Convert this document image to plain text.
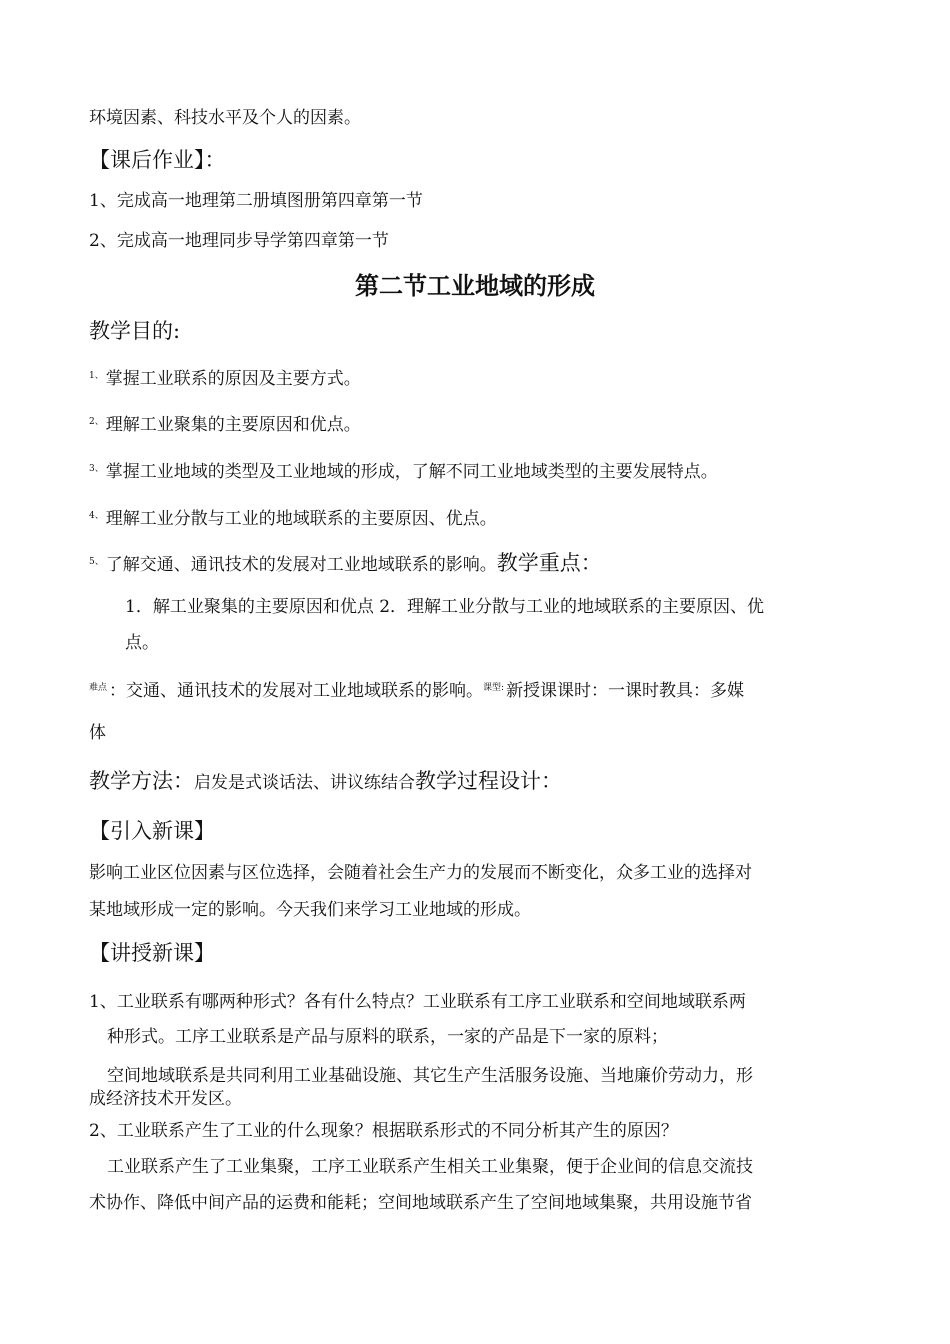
环境因素、科技水平及个人的因素。
【课后作业】：
1、完成高一地理第二册填图册第四章第一节
2、完成高一地理同步导学第四章第一节
第二节工业地域的形成
教学目的:
$^{1、}$ 掌握工业联系的原因及主要方式。
$^{2、}$ 理解工业聚集的主要原因和优点。
$^{3、}$ 掌握工业地域的类型及工业地域的形成，了解不同工业地域类型的主要发展特点。
$^{4、}$ 理解工业分散与工业的地域联系的主要原因、优点。
$^{5、}$ 了解交通、通讯技术的发展对工业地域联系的影响。教学重点：
1．解工业聚集的主要原因和优点 2．理解工业分散与工业的地域联系的主要原因、优
点。
$^{难点}$ ：交通、通讯技术的发展对工业地域联系的影响。$^{课型:}$ 新授课课时：一课时教具：多媒
体
教学方法：启发是式谈话法、讲议练结合教学过程设计：
【引入新课】
影响工业区位因素与区位选择，会随着社会生产力的发展而不断变化，众多工业的选择对
某地域形成一定的影响。今天我们来学习工业地域的形成。
【讲授新课】
1、工业联系有哪两种形式？各有什么特点？工业联系有工序工业联系和空间地域联系两
种形式。工序工业联系是产品与原料的联系，一家的产品是下一家的原料；
空间地域联系是共同利用工业基础设施、其它生产生活服务设施、当地廉价劳动力，形
成经济技术开发区。
2、工业联系产生了工业的什么现象？根据联系形式的不同分析其产生的原因？
工业联系产生了工业集聚，工序工业联系产生相关工业集聚，便于企业间的信息交流技
术协作、降低中间产品的运费和能耗；空间地域联系产生了空间地域集聚，共用设施节省
